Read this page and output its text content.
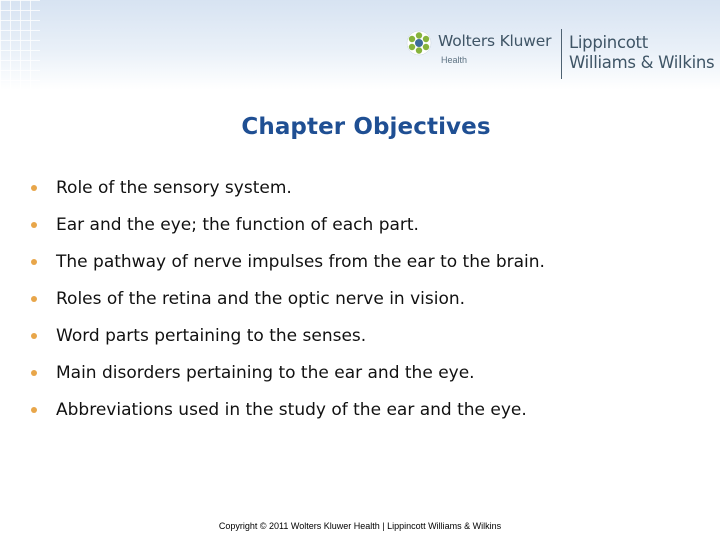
Wolters Kluwer
Health
Lippincott
Williams & Wilkins
Chapter Objectives
Role of the sensory system.
Ear and the eye; the function of each part.
The pathway of nerve impulses from the ear to the brain.
Roles of the retina and the optic nerve in vision.
Word parts pertaining to the senses.
Main disorders pertaining to the ear and the eye.
Abbreviations used in the study of the ear and the eye.
Copyright © 2011 Wolters Kluwer Health | Lippincott Williams & Wilkins
